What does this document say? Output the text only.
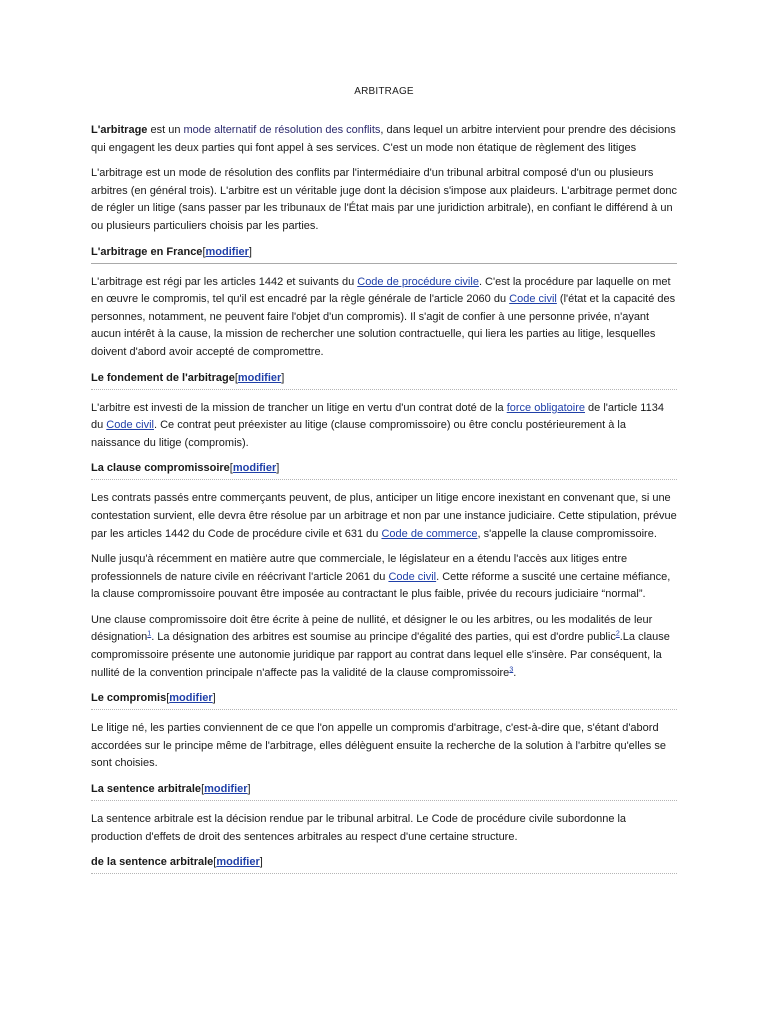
ARBITRAGE

L'arbitrage est un mode alternatif de résolution des conflits, dans lequel un arbitre intervient pour prendre des décisions qui engagent les deux parties qui font appel à ses services. C'est un mode non étatique de règlement des litiges

L'arbitrage est un mode de résolution des conflits par l'intermédiaire d'un tribunal arbitral composé d'un ou plusieurs arbitres (en général trois). L'arbitre est un véritable juge dont la décision s'impose aux plaideurs. L'arbitrage permet donc de régler un litige (sans passer par les tribunaux de l'État mais par une juridiction arbitrale), en confiant le différend à un ou plusieurs particuliers choisis par les parties.

L'arbitrage en France[modifier]

L'arbitrage est régi par les articles 1442 et suivants du Code de procédure civile. C'est la procédure par laquelle on met en œuvre le compromis, tel qu'il est encadré par la règle générale de l'article 2060 du Code civil (l'état et la capacité des personnes, notamment, ne peuvent faire l'objet d'un compromis). Il s'agit de confier à une personne privée, n'ayant aucun intérêt à la cause, la mission de rechercher une solution contractuelle, qui liera les parties au litige, lesquelles doivent d'abord avoir accepté de compromettre.

Le fondement de l'arbitrage[modifier]

L'arbitre est investi de la mission de trancher un litige en vertu d'un contrat doté de la force obligatoire de l'article 1134 du Code civil. Ce contrat peut préexister au litige (clause compromissoire) ou être conclu postérieurement à la naissance du litige (compromis).

La clause compromissoire[modifier]

Les contrats passés entre commerçants peuvent, de plus, anticiper un litige encore inexistant en convenant que, si une contestation survient, elle devra être résolue par un arbitrage et non par une instance judiciaire. Cette stipulation, prévue par les articles 1442 du Code de procédure civile et 631 du Code de commerce, s'appelle la clause compromissoire.

Nulle jusqu'à récemment en matière autre que commerciale, le législateur en a étendu l'accès aux litiges entre professionnels de nature civile en réécrivant l'article 2061 du Code civil. Cette réforme a suscité une certaine méfiance, la clause compromissoire pouvant être imposée au contractant le plus faible, privée du recours judiciaire “normal”.

Une clause compromissoire doit être écrite à peine de nullité, et désigner le ou les arbitres, ou les modalités de leur désignation$^1$. La désignation des arbitres est soumise au principe d'égalité des parties, qui est d'ordre public$^2$.La clause compromissoire présente une autonomie juridique par rapport au contrat dans lequel elle s'insère. Par conséquent, la nullité de la convention principale n'affecte pas la validité de la clause compromissoire$^3$.

Le compromis[modifier]

Le litige né, les parties conviennent de ce que l'on appelle un compromis d'arbitrage, c'est-à-dire que, s'étant d'abord accordées sur le principe même de l'arbitrage, elles délèguent ensuite la recherche de la solution à l'arbitre qu'elles se sont choisies.

La sentence arbitrale[modifier]

La sentence arbitrale est la décision rendue par le tribunal arbitral. Le Code de procédure civile subordonne la production d'effets de droit des sentences arbitrales au respect d'une certaine structure.

de la sentence arbitrale[modifier]
